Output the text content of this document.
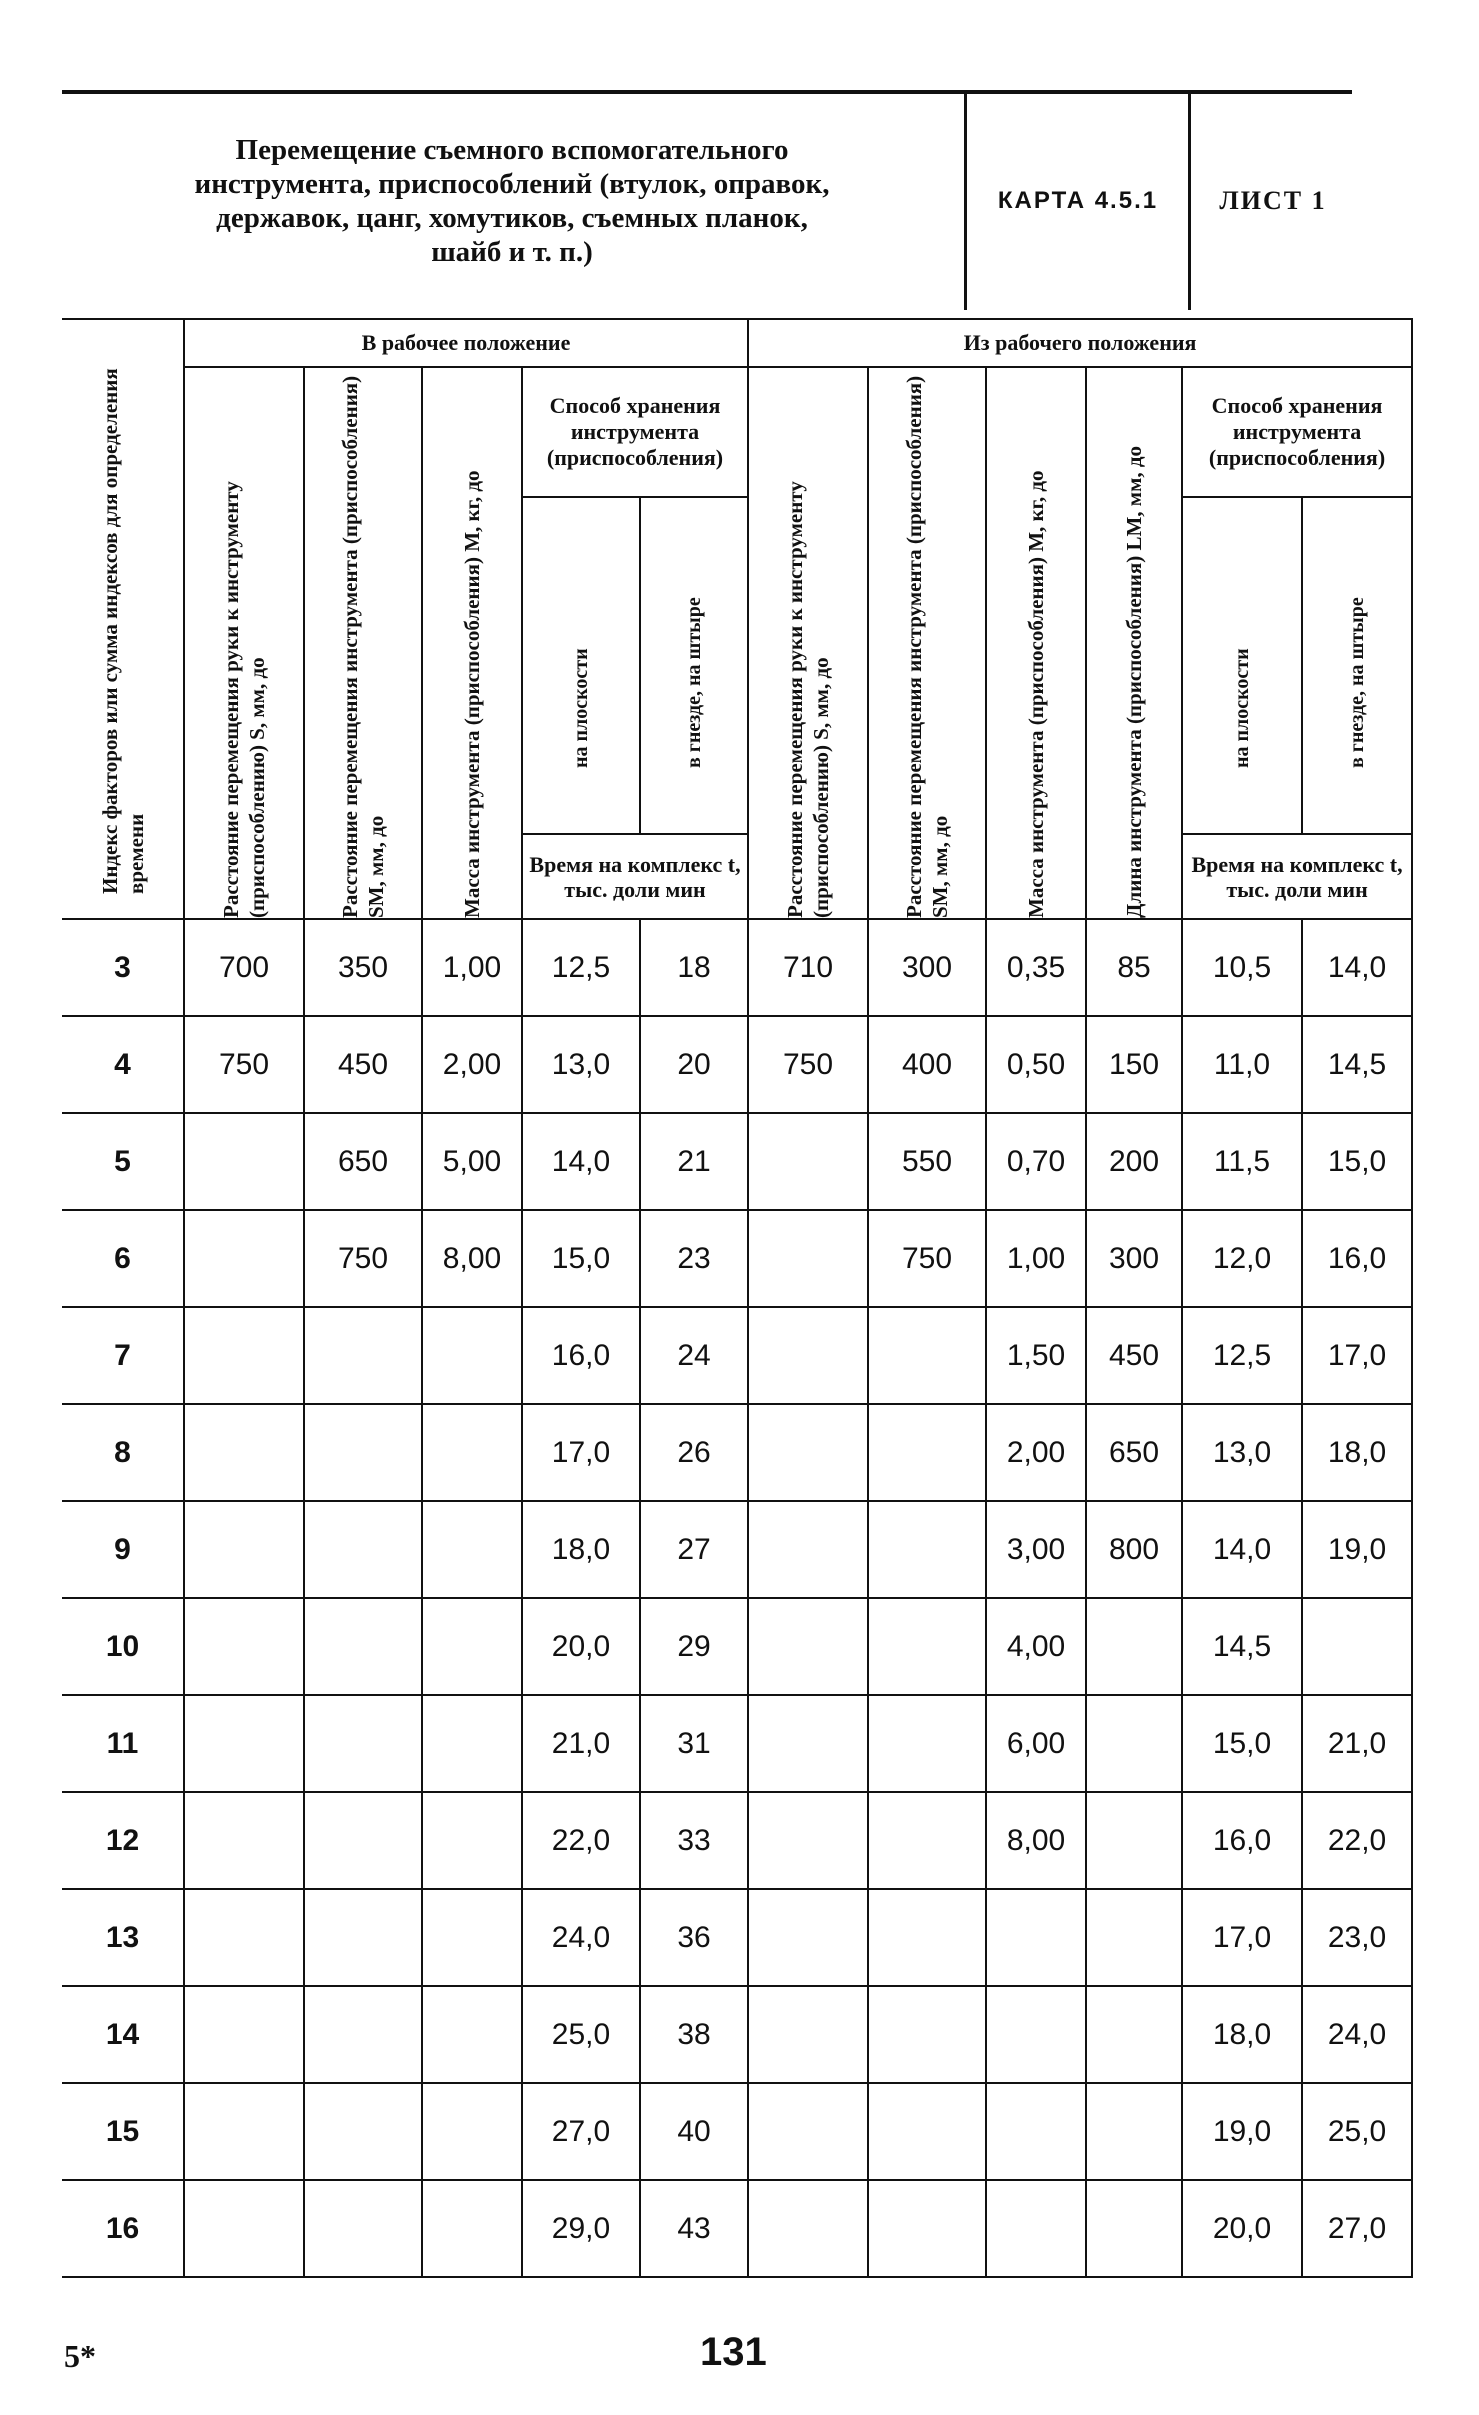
Перемещение съемного вспомогательного
инструмента, приспособлений (втулок, оправок,
державок, цанг, хомутиков, съемных планок,
шайб и т. п.)
КАРТА 4.5.1	ЛИСТ 1
Индекс факторов или сумма индексов для определения времени	В рабочее положение					Из рабочего положения					

	Расстояние перемещения руки к инструменту (приспособлению) S, мм, до	Расстояние перемещения инструмента (приспособления) SM, мм, до	Масса инструмента (приспособления) M, кг, до	Способ хранения инструмента (приспособления)		Расстояние перемещения руки к инструменту (приспособлению) S, мм, до	Расстояние перемещения инструмента (приспособления) SM, мм, до	Масса инструмента (приспособления) M, кг, до	Длина инструмента (приспособления) LM, мм, до	Способ хранения инструмента (приспособления)	

				на плоскости	в гнезде, на штыре					на плоскости	в гнезде, на штыре

				Время на комплекс t, тыс. доли мин						Время на комплекс t, тыс. доли мин	
3	700	350	1,00	12,5	18	710	300	0,35	85	10,5	14,0
4	750	450	2,00	13,0	20	750	400	0,50	150	11,0	14,5
5		650	5,00	14,0	21		550	0,70	200	11,5	15,0
6		750	8,00	15,0	23		750	1,00	300	12,0	16,0
7				16,0	24			1,50	450	12,5	17,0
8				17,0	26			2,00	650	13,0	18,0
9				18,0	27			3,00	800	14,0	19,0
10				20,0	29			4,00		14,5	
11				21,0	31			6,00		15,0	21,0
12				22,0	33			8,00		16,0	22,0
13				24,0	36					17,0	23,0
14				25,0	38					18,0	24,0
15				27,0	40					19,0	25,0
16				29,0	43					20,0	27,0
5*	131
